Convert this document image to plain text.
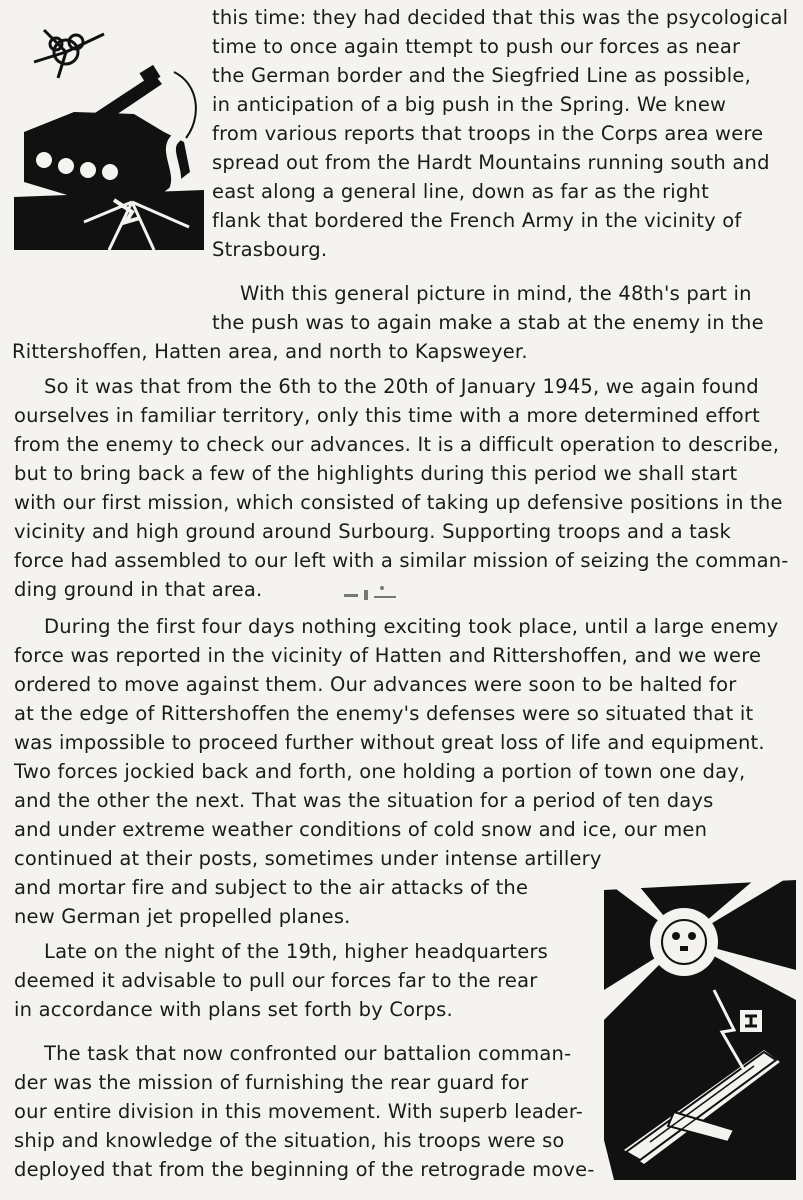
this time: they had decided that this was the psycological

time to once again ttempt to push our forces as near

the German border and the Siegfried Line as possible,

in anticipation of a big push in the Spring. We knew

from various reports that troops in the Corps area were

spread out from the Hardt Mountains running south and

east along a general line, down as far as the right

flank that bordered the French Army in the vicinity of

Strasbourg.

With this general picture in mind, the 48th's part in

the push was to again make a stab at the enemy in the

Rittershoffen, Hatten area, and north to Kapsweyer.

So it was that from the 6th to the 20th of January 1945, we again found

ourselves in familiar territory, only this time with a more determined effort

from the enemy to check our advances. It is a difficult operation to describe,

but to bring back a few of the highlights during this period we shall start

with our first mission, which consisted of taking up defensive positions in the

vicinity and high ground around Surbourg. Supporting troops and a task

force had assembled to our left with a similar mission of seizing the comman-

ding ground in that area.

During the first four days nothing exciting took place, until a large enemy

force was reported in the vicinity of Hatten and Rittershoffen, and we were

ordered to move against them. Our advances were soon to be halted for

at the edge of Rittershoffen the enemy's defenses were so situated that it

was impossible to proceed further without great loss of life and equipment.

Two forces jockied back and forth, one holding a portion of town one day,

and the other the next. That was the situation for a period of ten days

and under extreme weather conditions of cold snow and ice, our men

continued at their posts, sometimes under intense artillery

and mortar fire and subject to the air attacks of the

new German jet propelled planes.

Late on the night of the 19th, higher headquarters

deemed it advisable to pull our forces far to the rear

in accordance with plans set forth by Corps.

The task that now confronted our battalion comman-

der was the mission of furnishing the rear guard for

our entire division in this movement. With superb leader-

ship and knowledge of the situation, his troops were so

deployed that from the beginning of the retrograde move-
